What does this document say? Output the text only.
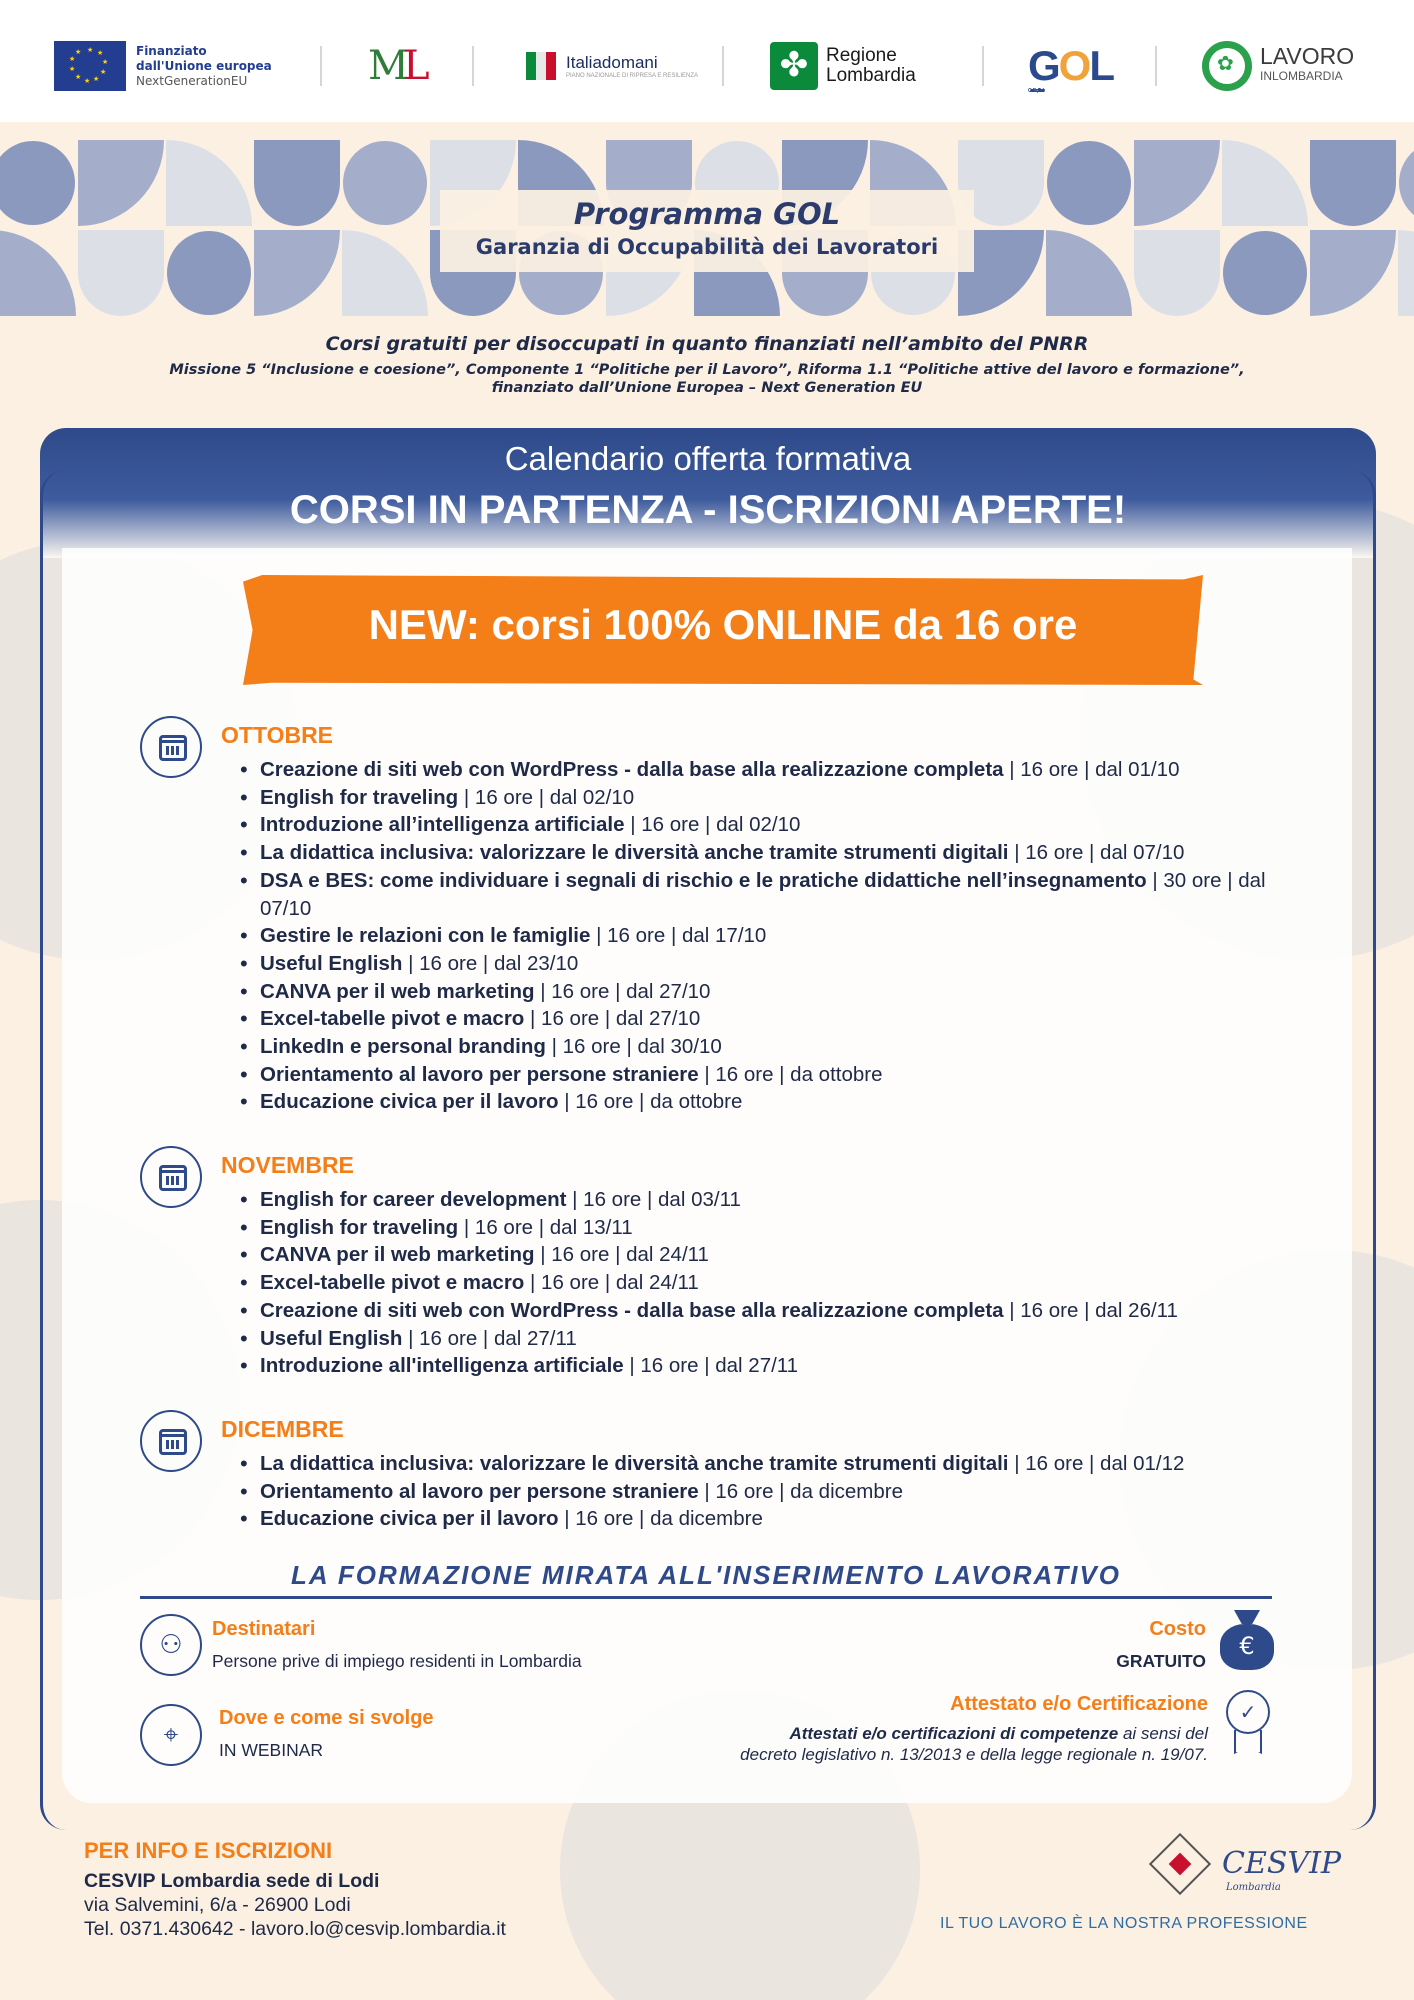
★ ★
★
★
★
★
★
★
★
★	Finanziato
dall'Unione europea
NextGenerationEU	ML	Italiadomani
PIANO NAZIONALE DI RIPRESA E RESILIENZA ✤ Regione
Lombardia	GOL
Garanzia Occupabilità Lavoratori
✿
LAVORO
INLOMBARDIA
Programma GOL
Garanzia di Occupabilità dei Lavoratori
Corsi gratuiti per disoccupati in quanto finanziati nell’ambito del PNRR
Missione 5 “Inclusione e coesione”, Componente 1 “Politiche per il Lavoro”, Riforma 1.1 “Politiche attive del lavoro e formazione”,
finanziato dall’Unione Europea – Next Generation EU
Calendario offerta formativa
CORSI IN PARTENZA - ISCRIZIONI APERTE!
NEW: corsi 100% ONLINE da 16 ore
OTTOBRE
• Creazione di siti web con WordPress - dalla base alla realizzazione completa | 16 ore | dal 01/10
• English for traveling | 16 ore | dal 02/10
• Introduzione all’intelligenza artificiale | 16 ore | dal 02/10
• La didattica inclusiva: valorizzare le diversità anche tramite strumenti digitali | 16 ore | dal 07/10
• DSA e BES: come individuare i segnali di rischio e le pratiche didattiche nell’insegnamento | 30 ore | dal 07/10
• Gestire le relazioni con le famiglie | 16 ore | dal 17/10
• Useful English | 16 ore | dal 23/10
• CANVA per il web marketing | 16 ore | dal 27/10
• Excel-tabelle pivot e macro | 16 ore | dal 27/10
• LinkedIn e personal branding | 16 ore | dal 30/10
• Orientamento al lavoro per persone straniere | 16 ore | da ottobre
• Educazione civica per il lavoro | 16 ore | da ottobre
NOVEMBRE
• English for career development | 16 ore | dal 03/11
• English for traveling | 16 ore | dal 13/11
• CANVA per il web marketing | 16 ore | dal 24/11
• Excel-tabelle pivot e macro | 16 ore | dal 24/11
• Creazione di siti web con WordPress - dalla base alla realizzazione completa | 16 ore | dal 26/11
• Useful English | 16 ore | dal 27/11
• Introduzione all'intelligenza artificiale | 16 ore | dal 27/11
DICEMBRE
• La didattica inclusiva: valorizzare le diversità anche tramite strumenti digitali | 16 ore | dal 01/12
• Orientamento al lavoro per persone straniere | 16 ore | da dicembre
• Educazione civica per il lavoro | 16 ore | da dicembre
LA FORMAZIONE MIRATA ALL'INSERIMENTO LAVORATIVO
⚇
Destinatari
Persone prive di impiego residenti in Lombardia
⌖
Dove e come si svolge
IN WEBINAR
Costo
GRATUITO
€
Attestato e/o Certificazione
Attestati e/o certificazioni di competenze ai sensi del
decreto legislativo n. 13/2013 e della legge regionale n. 19/07.
✓
PER INFO E ISCRIZIONI
CESVIP Lombardia sede di Lodi
via Salvemini, 6/a - 26900 Lodi
Tel. 0371.430642 - lavoro.lo@cesvip.lombardia.it
CESVIP
Lombardia
IL TUO LAVORO È LA NOSTRA PROFESSIONE
